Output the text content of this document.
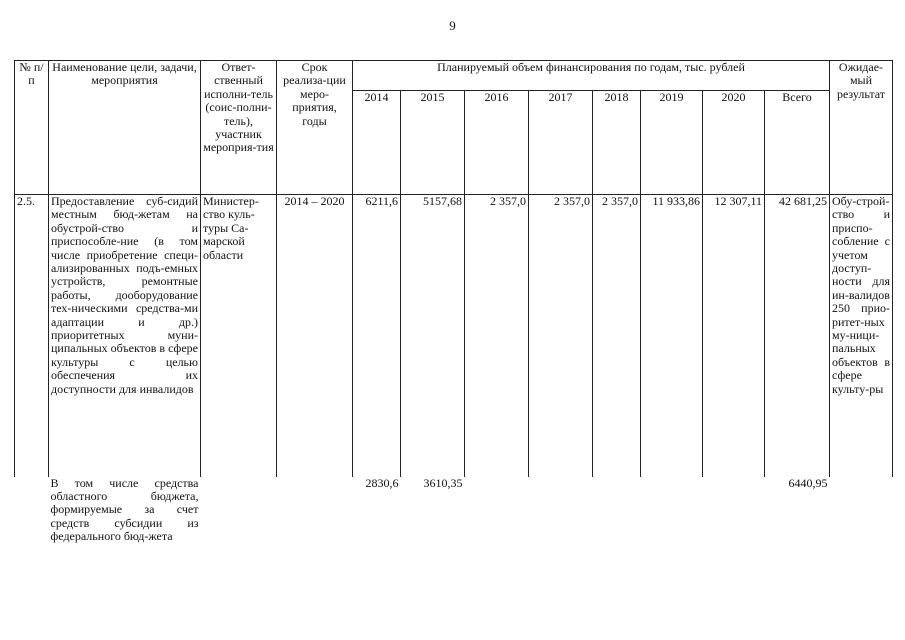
9
№ п/п	Наименование цели, задачи, мероприятия	Ответ-ственный исполни-тель (соис-полни-тель), участник мероприя-тия	Срок реализа-ции меро-приятия, годы	Планируемый объем финансирования по годам, тыс. рублей								Ожидае-мый результат
				2014	2015	2016	2017	2018	2019	2020	Всего	
2.5.	Предоставление суб-сидий местным бюд-жетам на обустрой-ство и приспособле-ние (в том числе приобретение специ-ализированных подъ-емных устройств, ремонтные работы, дооборудование тех-ническими средства-ми адаптации и др.) приоритетных муни-ципальных объектов в сфере культуры с целью обеспечения их доступности для инвалидов	Министер-ство куль-туры Са-марской области	2014 – 2020	6211,6	5157,68	2 357,0	2 357,0	2 357,0	11 933,86	12 307,11	42 681,25	Обу-строй-ство и приспо-собление с учетом доступ-ности для ин-валидов 250 прио-ритет-ных му-ници-пальных объектов в сфере культу-ры
	В том числе средства областного бюджета, формируемые за счет средств субсидии из федерального бюд-жета			2830,6	3610,35						6440,95	
